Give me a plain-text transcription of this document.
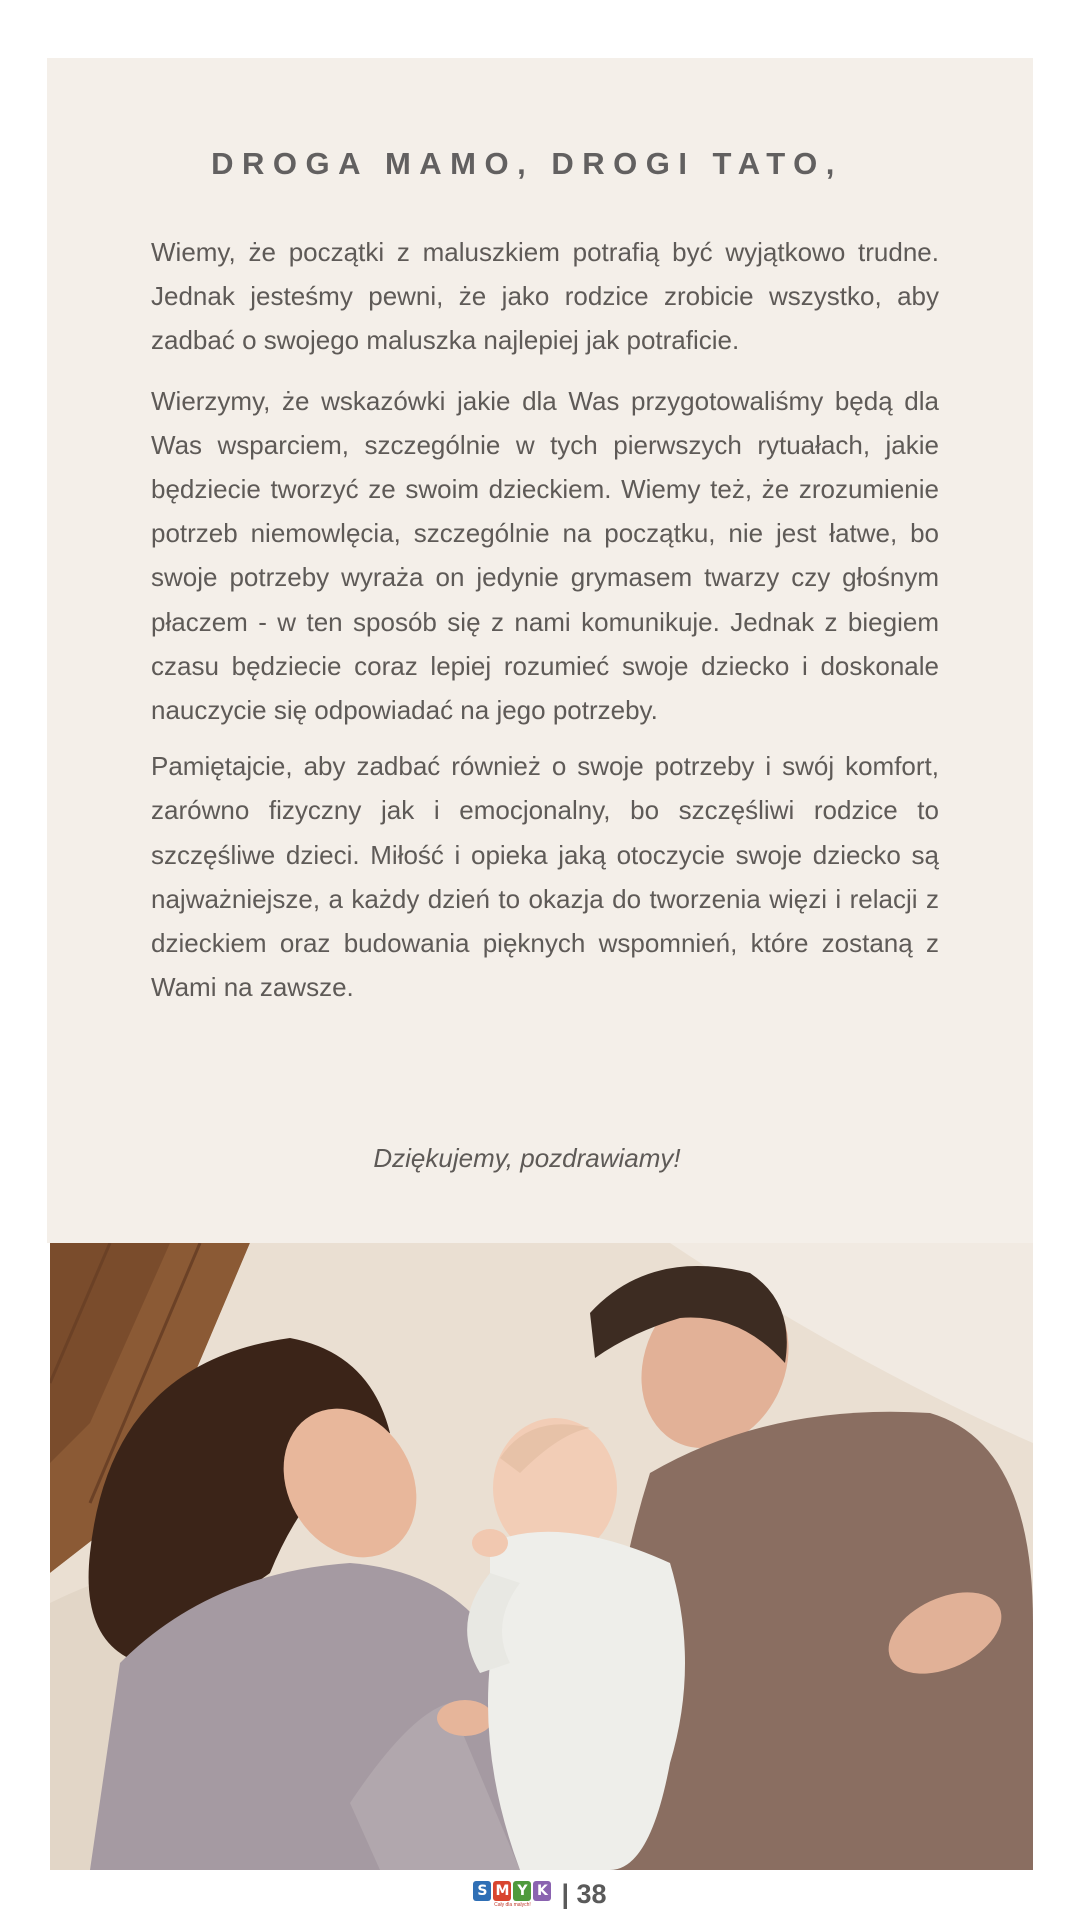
DROGA MAMO, DROGI TATO,

Wiemy, że początki z maluszkiem potrafią być wyjątkowo trudne. Jednak jesteśmy pewni, że jako rodzice zrobicie wszystko, aby zadbać o swojego maluszka najlepiej jak potraficie.

Wierzymy, że wskazówki jakie dla Was przygotowaliśmy będą dla Was wsparciem, szczególnie w tych pierwszych rytuałach, jakie będziecie tworzyć ze swoim dzieckiem. Wiemy też, że zrozumienie potrzeb niemowlęcia, szczególnie na początku, nie jest łatwe, bo swoje potrzeby wyraża on jedynie grymasem twarzy czy głośnym płaczem - w ten sposób się z nami komunikuje. Jednak z biegiem czasu będziecie coraz lepiej rozumieć swoje dziecko i doskonale nauczycie się odpowiadać na jego potrzeby.

Pamiętajcie, aby zadbać również o swoje potrzeby i swój komfort, zarówno fizyczny jak i emocjonalny, bo szczęśliwi rodzice to szczęśliwe dzieci. Miłość i opieka jaką otoczycie swoje dziecko są najważniejsze, a każdy dzień to okazja do tworzenia więzi i relacji z dzieckiem oraz budowania pięknych wspomnień, które zostaną z Wami na zawsze.

Dziękujemy, pozdrawiamy!

S M Y K
Cały dla malych! | 38
